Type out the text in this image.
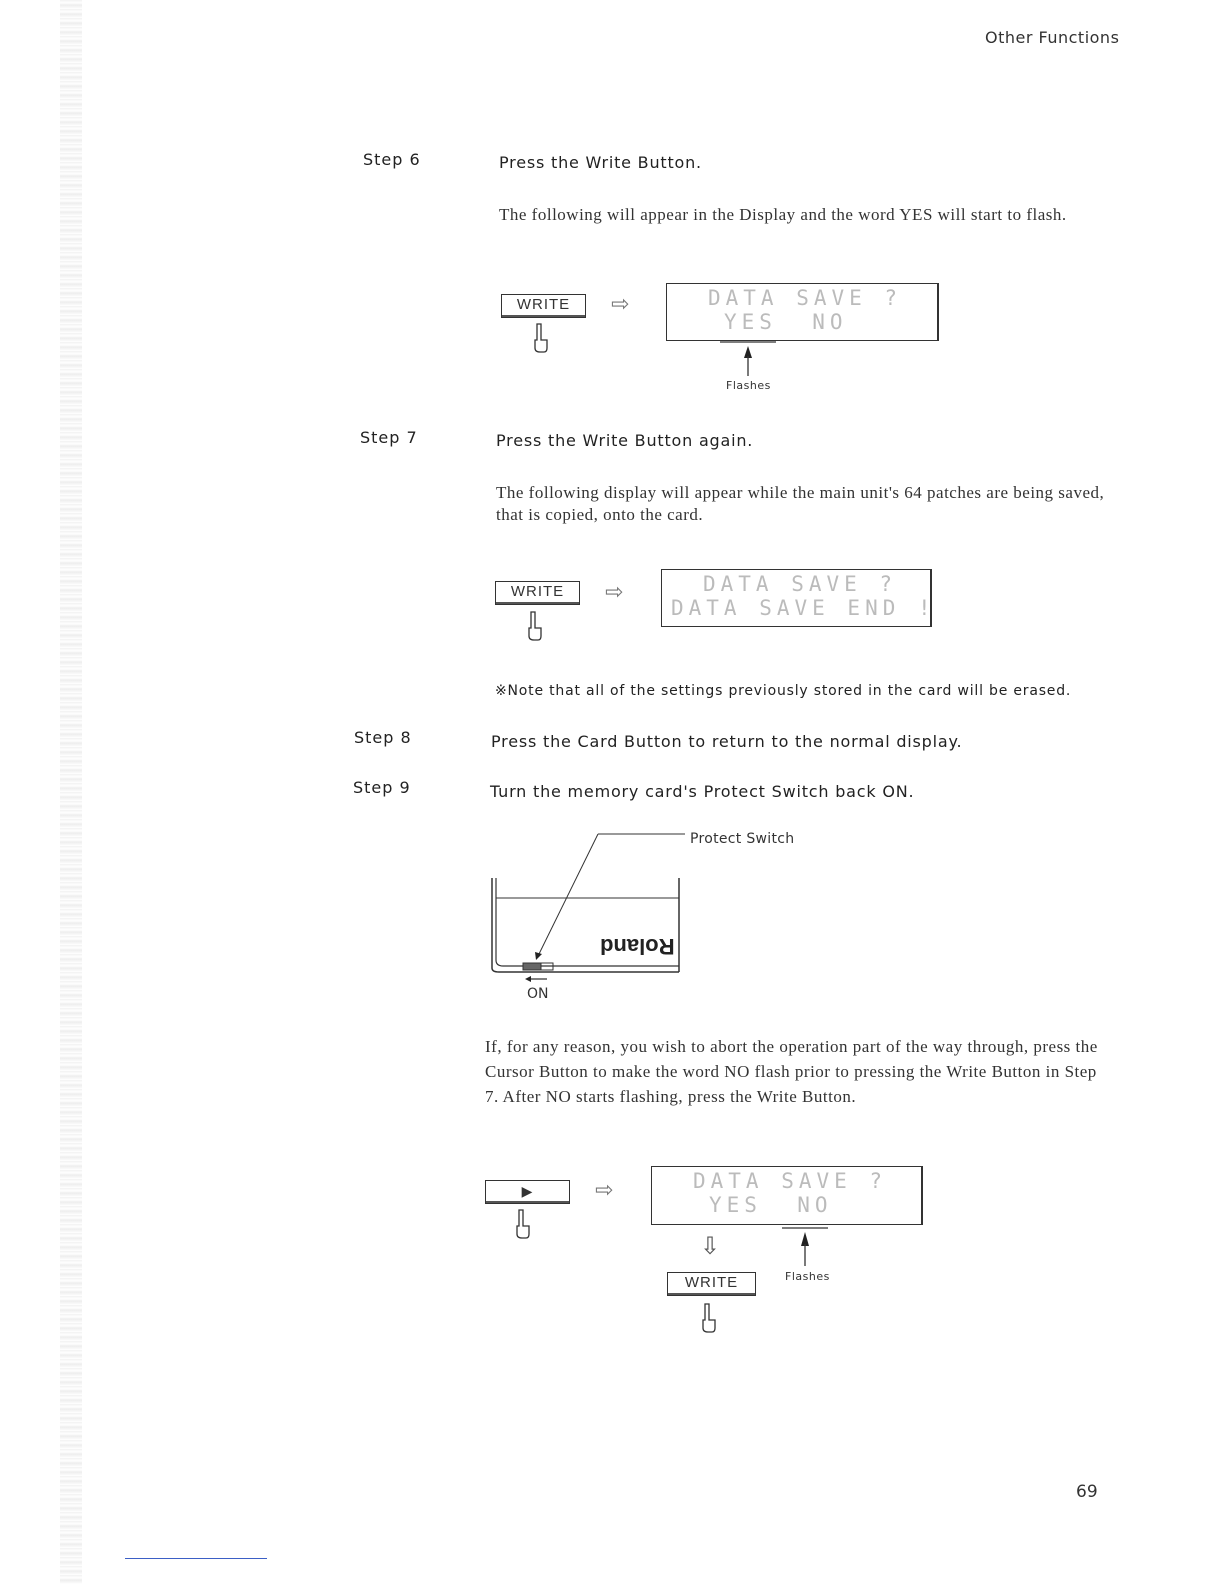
Other Functions
Step 6	Press the Write Button.
The following will appear in the Display and the word YES will start to flash.
WRITE	⇨	DATA SAVE ?
YES  NO
Flashes
Step 7	Press the Write Button again.
The following display will appear while the main unit's 64 patches are being saved, that is copied, onto the card.
WRITE	⇨	DATA SAVE ?
DATA SAVE END !
※Note that all of the settings previously stored in the card will be erased.
Step 8	Press the Card Button to return to the normal display.
Step 9	Turn the memory card's Protect Switch back ON.
Protect Switch
Roland
ON
If, for any reason, you wish to abort the operation part of the way through, press the Cursor Button to make the word NO flash prior to pressing the Write Button in Step 7. After NO starts flashing, press the Write Button.
▶	⇨	DATA SAVE ?
YES  NO
⇩
Flashes
WRITE
69
